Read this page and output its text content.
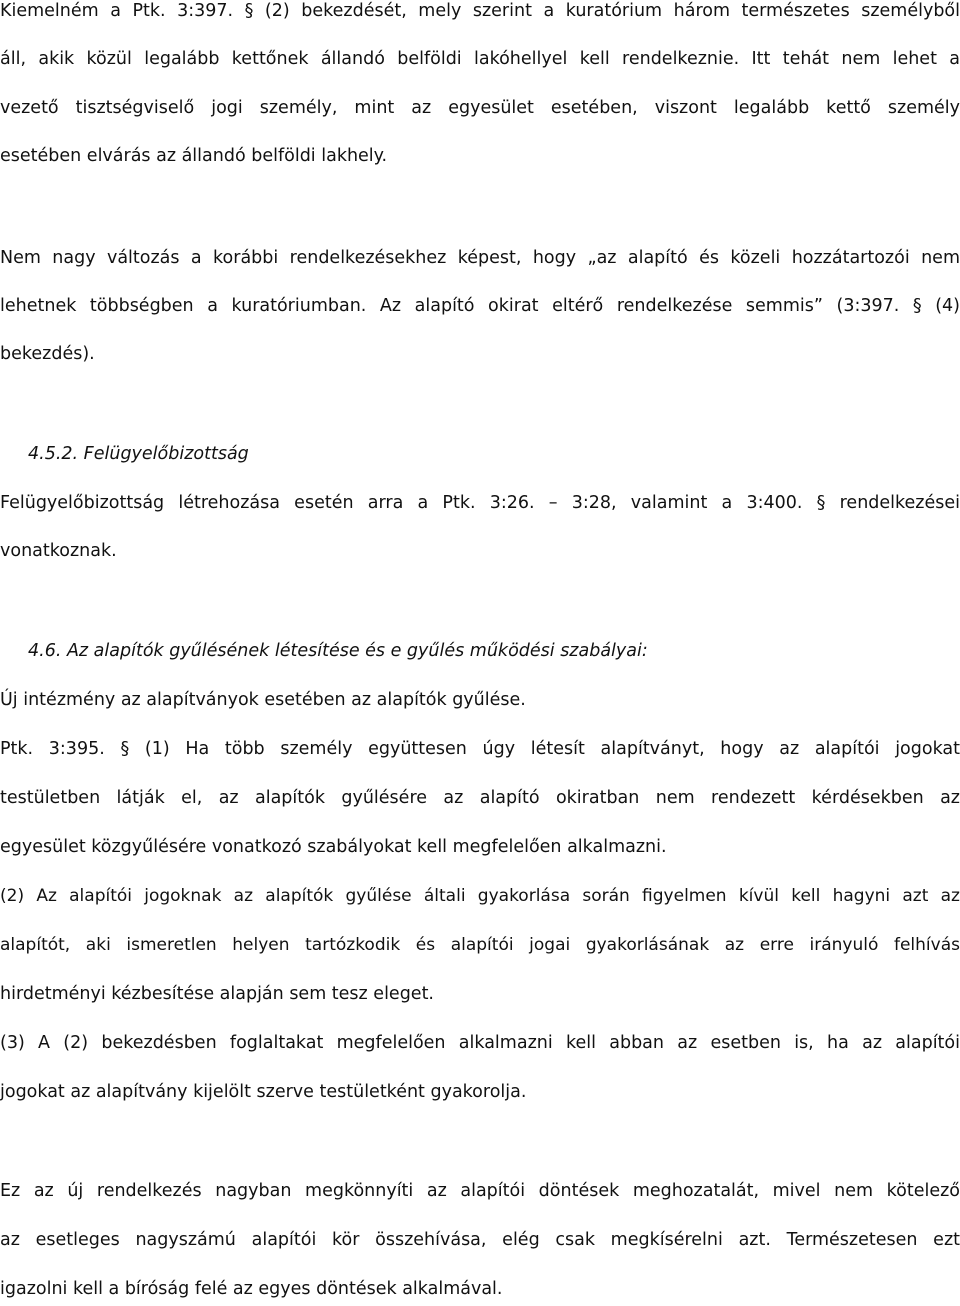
Kiemelném a Ptk. 3:397. § (2) bekezdését, mely szerint a kuratórium három természetes személyből
áll, akik közül legalább kettőnek állandó belföldi lakóhellyel kell rendelkeznie. Itt tehát nem lehet a
vezető tisztségviselő jogi személy, mint az egyesület esetében, viszont legalább kettő személy
esetében elvárás az állandó belföldi lakhely.
Nem nagy változás a korábbi rendelkezésekhez képest, hogy „az alapító és közeli hozzátartozói nem
lehetnek többségben a kuratóriumban. Az alapító okirat eltérő rendelkezése semmis” (3:397. § (4)
bekezdés).
4.5.2. Felügyelőbizottság
Felügyelőbizottság létrehozása esetén arra a Ptk. 3:26. – 3:28, valamint a 3:400. § rendelkezései
vonatkoznak.
4.6. Az alapítók gyűlésének létesítése és e gyűlés működési szabályai:
Új intézmény az alapítványok esetében az alapítók gyűlése.
Ptk. 3:395. § (1) Ha több személy együttesen úgy létesít alapítványt, hogy az alapítói jogokat
testületben látják el, az alapítók gyűlésére az alapító okiratban nem rendezett kérdésekben az
egyesület közgyűlésére vonatkozó szabályokat kell megfelelően alkalmazni.
(2) Az alapítói jogoknak az alapítók gyűlése általi gyakorlása során figyelmen kívül kell hagyni azt az
alapítót, aki ismeretlen helyen tartózkodik és alapítói jogai gyakorlásának az erre irányuló felhívás
hirdetményi kézbesítése alapján sem tesz eleget.
(3) A (2) bekezdésben foglaltakat megfelelően alkalmazni kell abban az esetben is, ha az alapítói
jogokat az alapítvány kijelölt szerve testületként gyakorolja.
Ez az új rendelkezés nagyban megkönnyíti az alapítói döntések meghozatalát, mivel nem kötelező
az esetleges nagyszámú alapítói kör összehívása, elég csak megkísérelni azt. Természetesen ezt
igazolni kell a bíróság felé az egyes döntések alkalmával.
